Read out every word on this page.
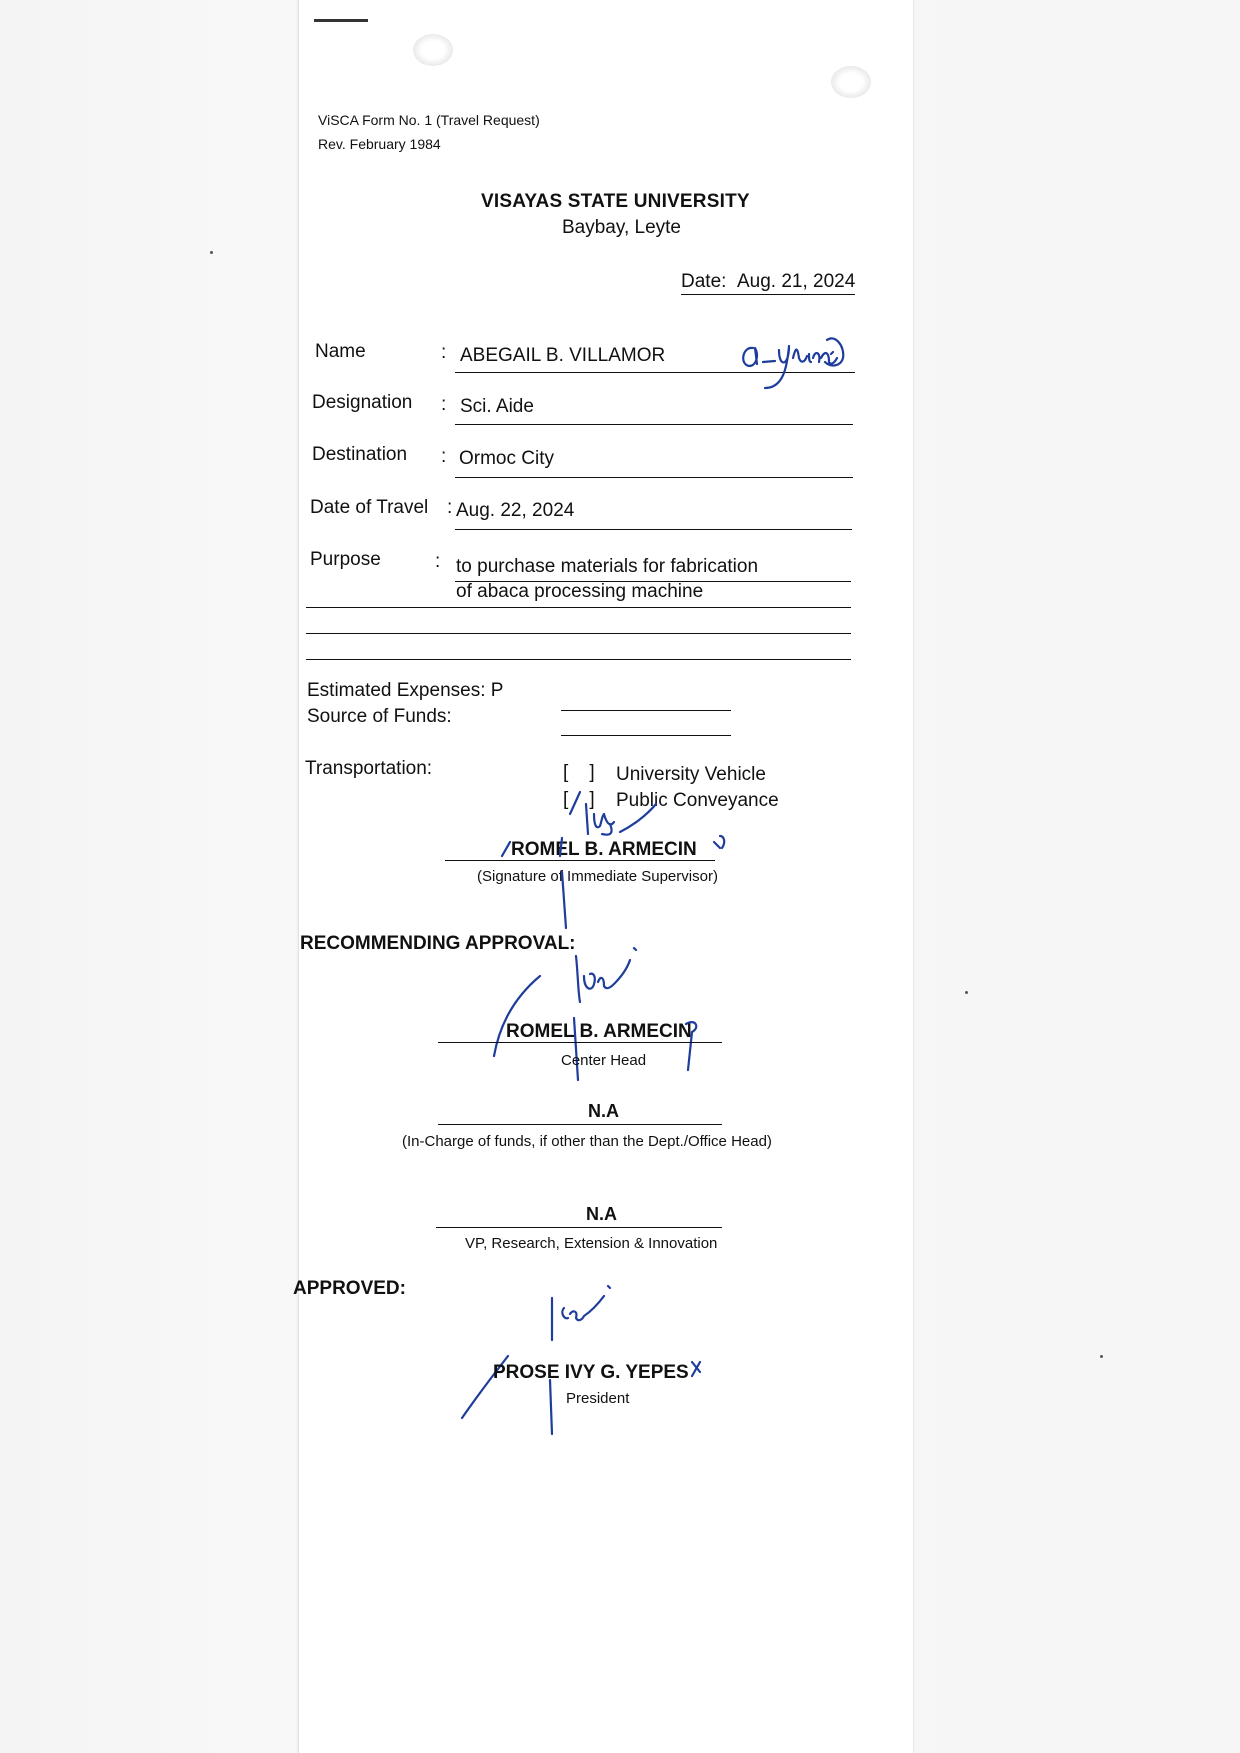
ViSCA Form No. 1 (Travel Request)
Rev. February 1984
VISAYAS STATE UNIVERSITY
Baybay, Leyte
Date: Aug. 21, 2024
Name	: ABEGAIL B. VILLAMOR
Designation : Sci. Aide
Destination : Ormoc City
Date of Travel : Aug. 22, 2024
Purpose	: to purchase materials for fabrication
of abaca processing machine
Estimated Expenses: P
Source of Funds:
Transportation:	[    ] University Vehicle
[    ] Public Conveyance
ROMEL B. ARMECIN
(Signature of Immediate Supervisor)
RECOMMENDING APPROVAL:
ROMEL B. ARMECIN
Center Head
N.A
(In-Charge of funds, if other than the Dept./Office Head)
N.A
VP, Research, Extension & Innovation
APPROVED:
PROSE IVY G. YEPES
President
